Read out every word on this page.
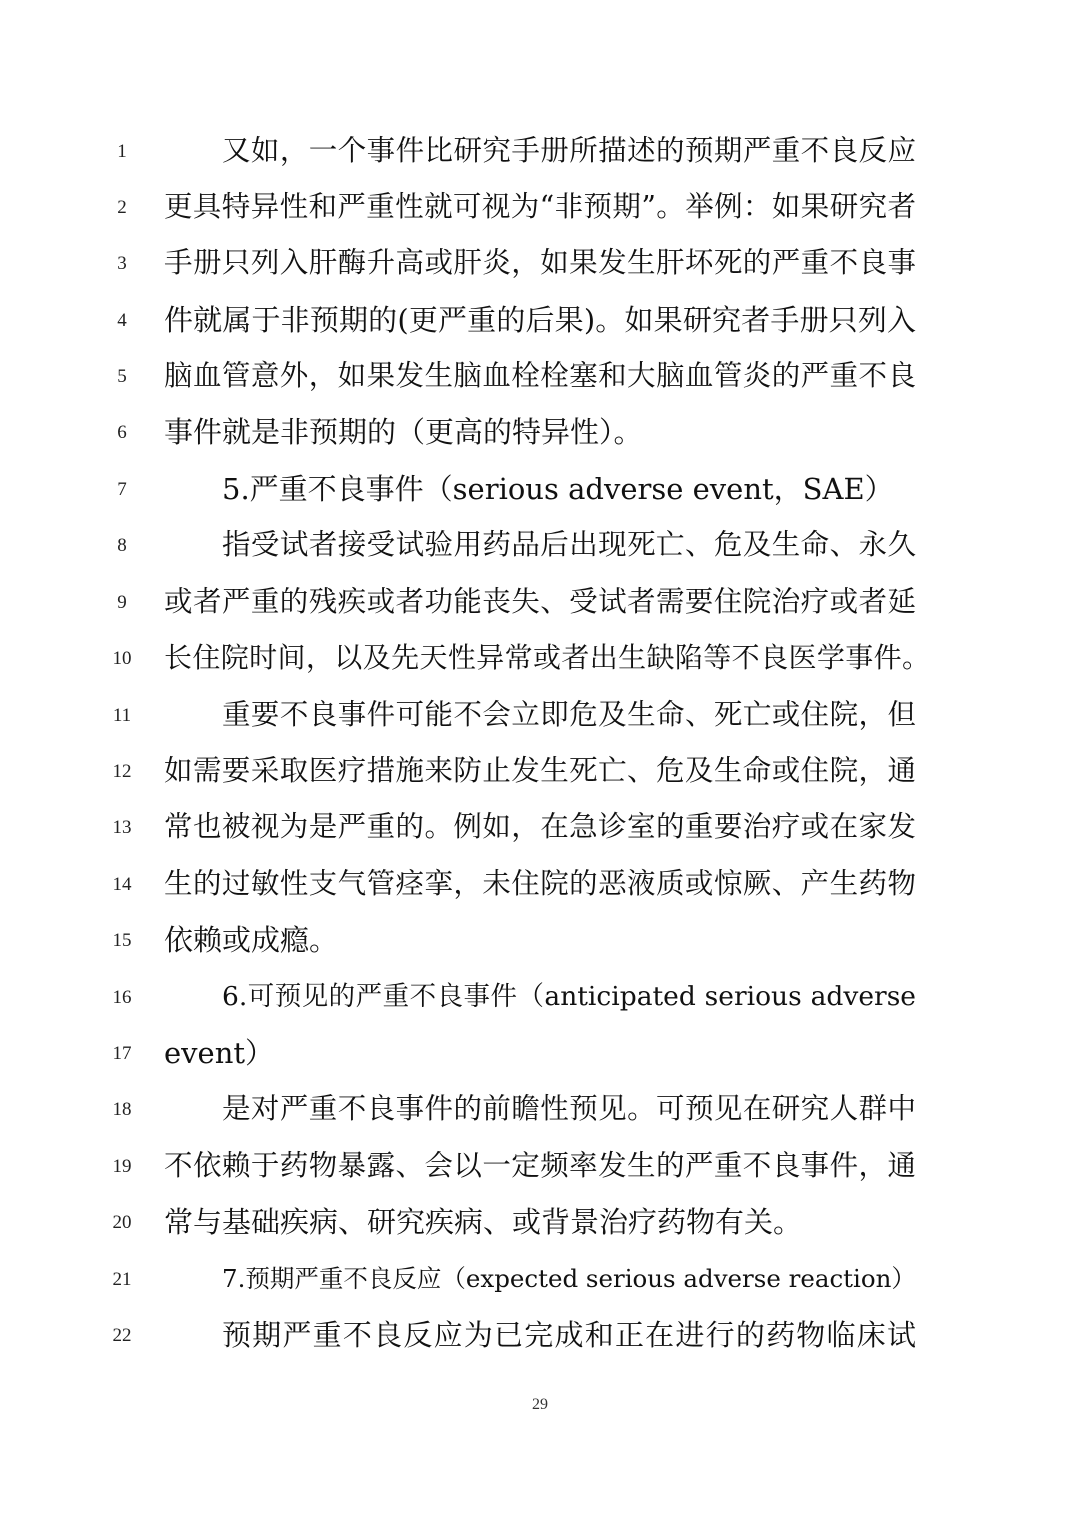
1	又如，一个事件比研究手册所描述的预期严重不良反应
2	更具特异性和严重性就可视为“非预期”。举例：如果研究者
3	手册只列入肝酶升高或肝炎，如果发生肝坏死的严重不良事
4	件就属于非预期的(更严重的后果)。如果研究者手册只列入
5	脑血管意外，如果发生脑血栓栓塞和大脑血管炎的严重不良
6	事件就是非预期的（更高的特异性）。
7	5.严重不良事件（serious adverse event，SAE）
8	指受试者接受试验用药品后出现死亡、危及生命、永久
9	或者严重的残疾或者功能丧失、受试者需要住院治疗或者延
10	长住院时间，以及先天性异常或者出生缺陷等不良医学事件。
11	重要不良事件可能不会立即危及生命、死亡或住院，但
12	如需要采取医疗措施来防止发生死亡、危及生命或住院，通
13	常也被视为是严重的。例如，在急诊室的重要治疗或在家发
14	生的过敏性支气管痉挛，未住院的恶液质或惊厥、产生药物
15	依赖或成瘾。
16	6.可预见的严重不良事件（anticipated serious adverse
17	event）
18	是对严重不良事件的前瞻性预见。可预见在研究人群中
19	不依赖于药物暴露、会以一定频率发生的严重不良事件，通
20	常与基础疾病、研究疾病、或背景治疗药物有关。
21	7.预期严重不良反应（expected serious adverse reaction）
22	预期严重不良反应为已完成和正在进行的药物临床试
29
